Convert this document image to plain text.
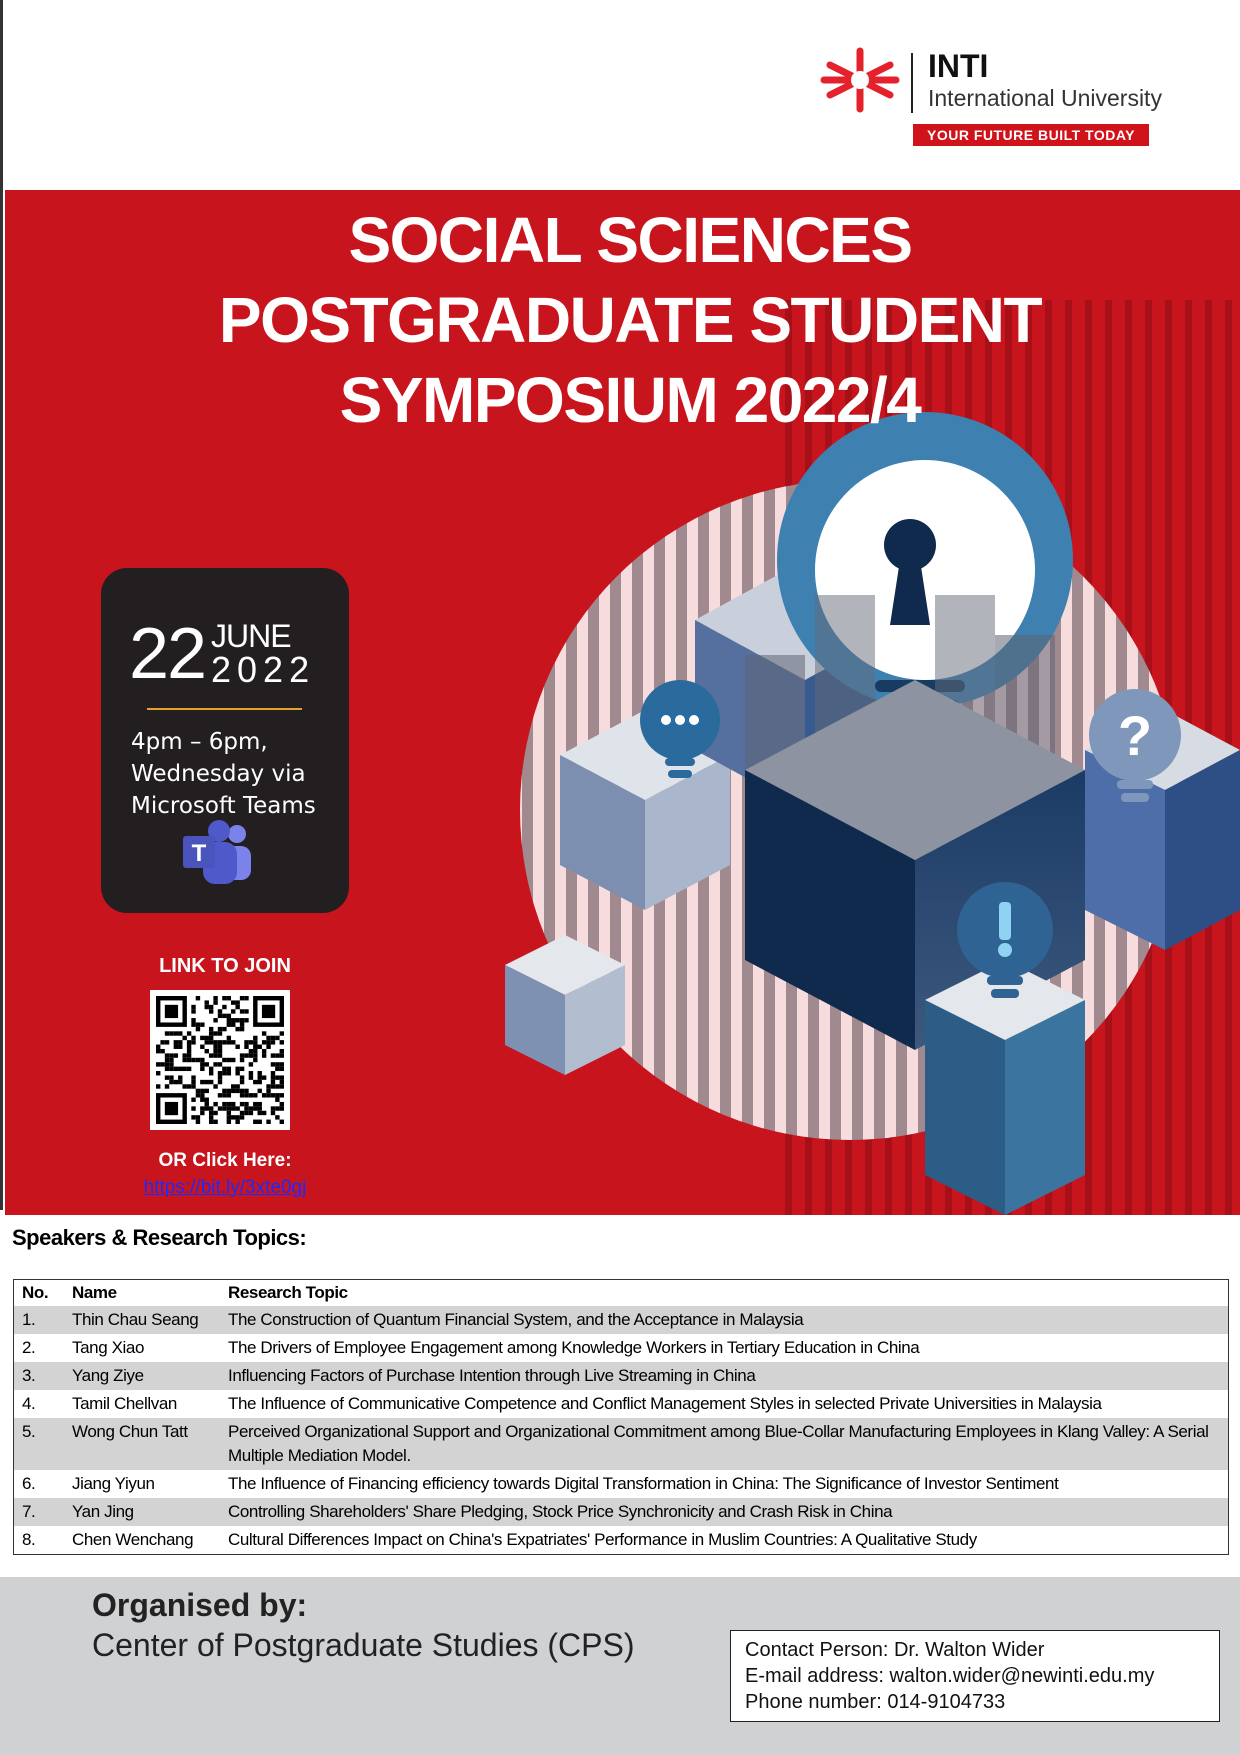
INTI
International University
YOUR FUTURE BUILT TODAY
?
SOCIAL SCIENCES
POSTGRADUATE STUDENT
SYMPOSIUM 2022/4
22 JUNE
2022
4pm – 6pm,
Wednesday via
Microsoft Teams
T
LINK TO JOIN
OR Click Here:
https://bit.ly/3xte0gj
Speakers & Research Topics:
No.	Name	Research Topic
1.	Thin Chau Seang	The Construction of Quantum Financial System, and the Acceptance in Malaysia
2.	Tang Xiao	The Drivers of Employee Engagement among Knowledge Workers in Tertiary Education in China
3.	Yang Ziye	Influencing Factors of Purchase Intention through Live Streaming in China
4.	Tamil Chellvan	The Influence of Communicative Competence and Conflict Management Styles in selected Private Universities in Malaysia
5.	Wong Chun Tatt	Perceived Organizational Support and Organizational Commitment among Blue-Collar Manufacturing Employees in Klang Valley: A Serial Multiple Mediation Model.
6.	Jiang Yiyun	The Influence of Financing efficiency towards Digital Transformation in China: The Significance of Investor Sentiment
7.	Yan Jing	Controlling Shareholders' Share Pledging, Stock Price Synchronicity and Crash Risk in China
8.	Chen Wenchang	Cultural Differences Impact on China's Expatriates' Performance in Muslim Countries: A Qualitative Study
Organised by:
Center of Postgraduate Studies (CPS)	Contact Person: Dr. Walton Wider
E-mail address: walton.wider@newinti.edu.my
Phone number: 014-9104733
